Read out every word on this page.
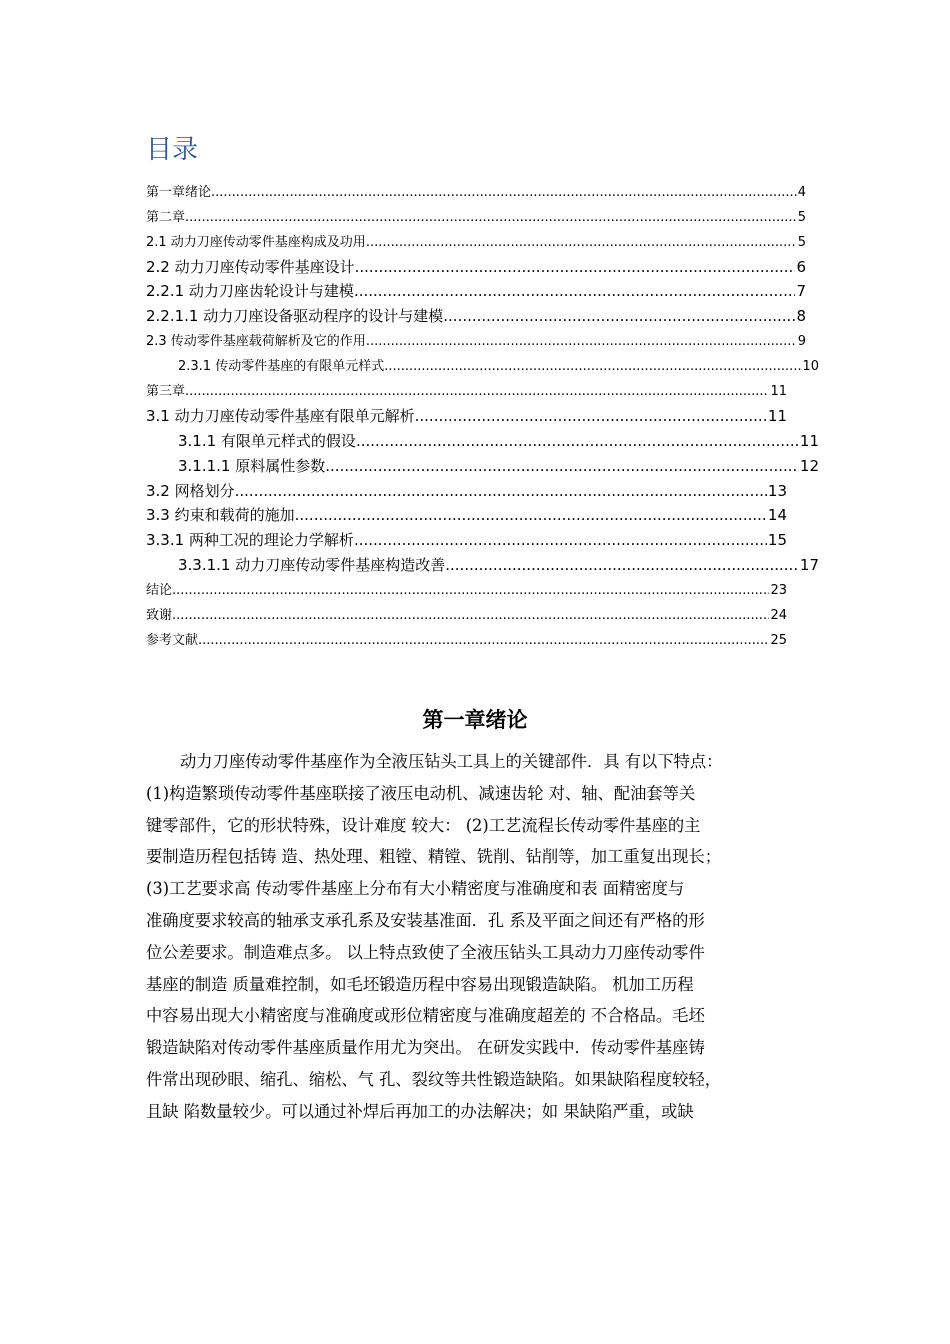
目录
第一章绪论 .....	4
第二章 .....	5
2.1 动力刀座传动零件基座构成及功用 .....	5
2.2 动力刀座传动零件基座设计 .....	6
2.2.1 动力刀座齿轮设计与建模 .....	7
2.2.1.1 动力刀座设备驱动程序的设计与建模 .....	8
2.3 传动零件基座载荷解析及它的作用 .....	9
2.3.1 传动零件基座的有限单元样式 .....	10
第三章 .....	11
3.1 动力刀座传动零件基座有限单元解析 .....	11
3.1.1 有限单元样式的假设 .....	11
3.1.1.1 原料属性参数 .....	12
3.2 网格划分 .....	13
3.3 约束和载荷的施加 .....	14
3.3.1 两种工况的理论力学解析 .....	15
3.3.1.1 动力刀座传动零件基座构造改善 .....	17
结论 .....	23
致谢 .....	24
参考文献 .....	25
第一章绪论

动力刀座传动零件基座作为全液压钻头工具上的关键部件．具 有以下特点：
(1)构造繁琐传动零件基座联接了液压电动机、减速齿轮 对、轴、配油套等关
键零部件，它的形状特殊，设计难度 较大： (2)工艺流程长传动零件基座的主
要制造历程包括铸 造、热处理、粗镗、精镗、铣削、钻削等，加工重复出现长；
(3)工艺要求高 传动零件基座上分布有大小精密度与准确度和表 面精密度与
准确度要求较高的轴承支承孔系及安装基准面．孔 系及平面之间还有严格的形
位公差要求。制造难点多。 以上特点致使了全液压钻头工具动力刀座传动零件
基座的制造 质量难控制，如毛坯锻造历程中容易出现锻造缺陷。 机加工历程
中容易出现大小精密度与准确度或形位精密度与准确度超差的 不合格品。毛坯
锻造缺陷对传动零件基座质量作用尤为突出。 在研发实践中．传动零件基座铸
件常出现砂眼、缩孔、缩松、气 孔、裂纹等共性锻造缺陷。如果缺陷程度较轻，
且缺 陷数量较少。可以通过补焊后再加工的办法解决；如 果缺陷严重，或缺
